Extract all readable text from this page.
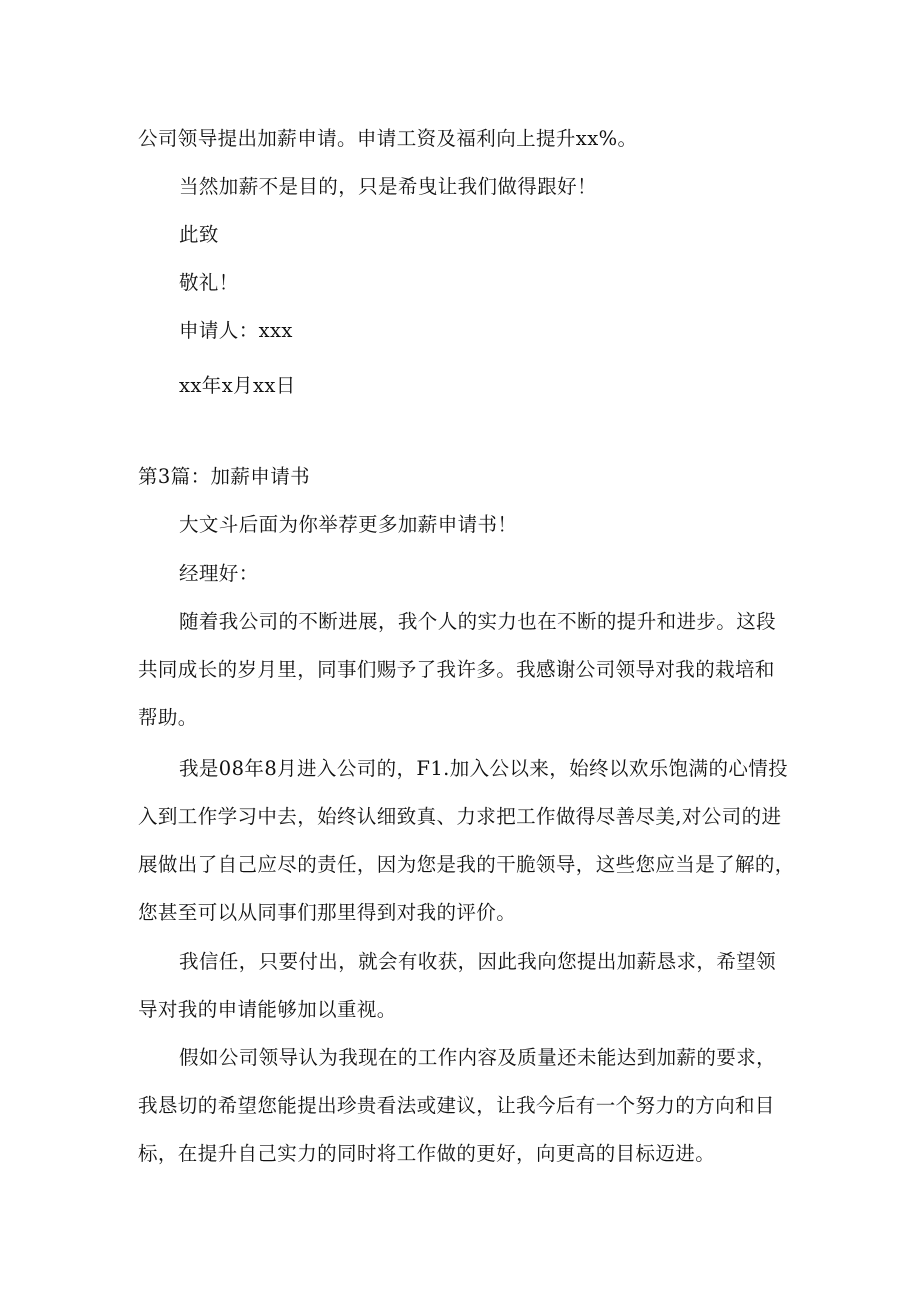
公司领导提出加薪申请。申请工资及福利向上提升xx%。
当然加薪不是目的，只是希曳让我们做得跟好！
此致
敬礼！
申请人：xxx
xx年x月xx日
第3篇：加薪申请书
大文斗后面为你举荐更多加薪申请书！
经理好：
随着我公司的不断进展，我个人的实力也在不断的提升和进步。这段
共同成长的岁月里，同事们赐予了我许多。我感谢公司领导对我的栽培和
帮助。
我是08年8月进入公司的，F1.加入公以来，始终以欢乐饱满的心情投
入到工作学习中去，始终认细致真、力求把工作做得尽善尽美,对公司的进
展做出了自己应尽的责任，因为您是我的干脆领导，这些您应当是了解的，
您甚至可以从同事们那里得到对我的评价。
我信任，只要付出，就会有收获，因此我向您提出加薪恳求，希望领
导对我的申请能够加以重视。
假如公司领导认为我现在的工作内容及质量还未能达到加薪的要求，
我恳切的希望您能提出珍贵看法或建议，让我今后有一个努力的方向和目
标，在提升自己实力的同时将工作做的更好，向更高的目标迈进。
